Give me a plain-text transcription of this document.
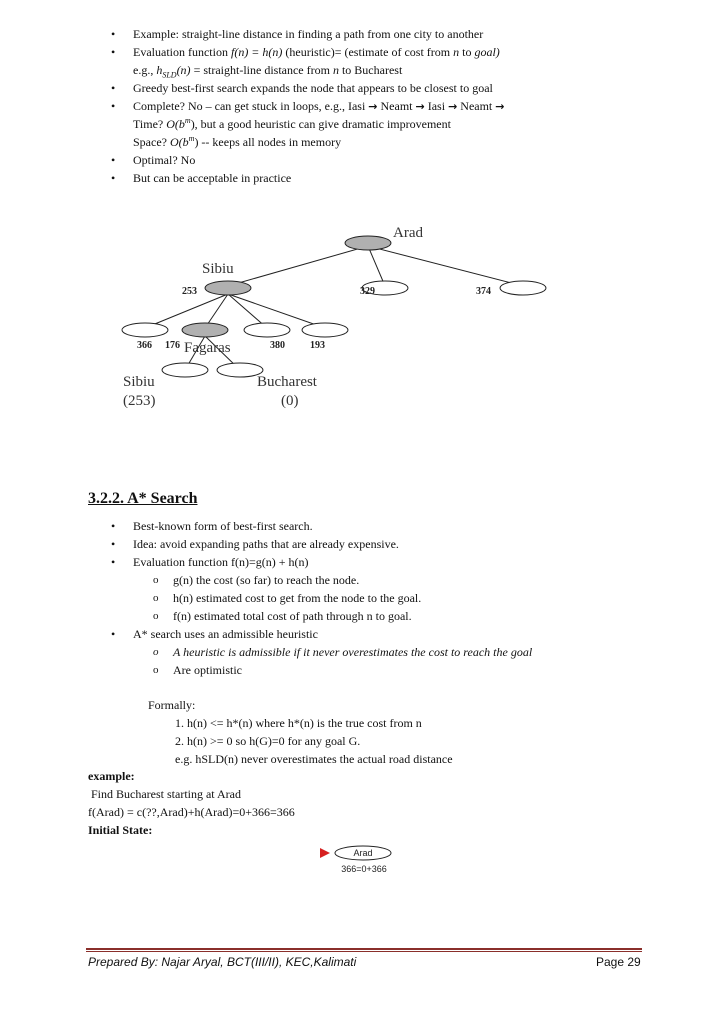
• Example: straight-line distance in finding a path from one city to another
• Evaluation function f(n) = h(n) (heuristic)= (estimate of cost from n to goal)
e.g., $h_{SLD}(n)$ = straight-line distance from n to Bucharest
• Greedy best-first search expands the node that appears to be closest to goal
• Complete? No – can get stuck in loops, e.g., Iasi → Neamt → Iasi → Neamt →
Time? $O(b^m)$, but a good heuristic can give dramatic improvement
Space? $O(b^m)$ -- keeps all nodes in memory
• Optimal? No
• But can be acceptable in practice
Arad
Sibiu
253	329	374
366 176 Fagaras	380	193
Sibiu
(253)
Bucharest
(0)
3.2.2. A* Search
• Best-known form of best-first search.
• Idea: avoid expanding paths that are already expensive.
• Evaluation function f(n)=g(n) + h(n)
o g(n) the cost (so far) to reach the node.
o h(n) estimated cost to get from the node to the goal.
o f(n) estimated total cost of path through n to goal.
• A* search uses an admissible heuristic
o A heuristic is admissible if it never overestimates the cost to reach the goal
o Are optimistic
Formally:
1. h(n) <= h*(n) where h*(n) is the true cost from n
2. h(n) >= 0 so h(G)=0 for any goal G.
e.g. hSLD(n) never overestimates the actual road distance
example:
Find Bucharest starting at Arad
f(Arad) = c(??,Arad)+h(Arad)=0+366=366
Initial State:
Arad
366=0+366
Prepared By: Najar Aryal, BCT(III/II), KEC,Kalimati	Page 29
